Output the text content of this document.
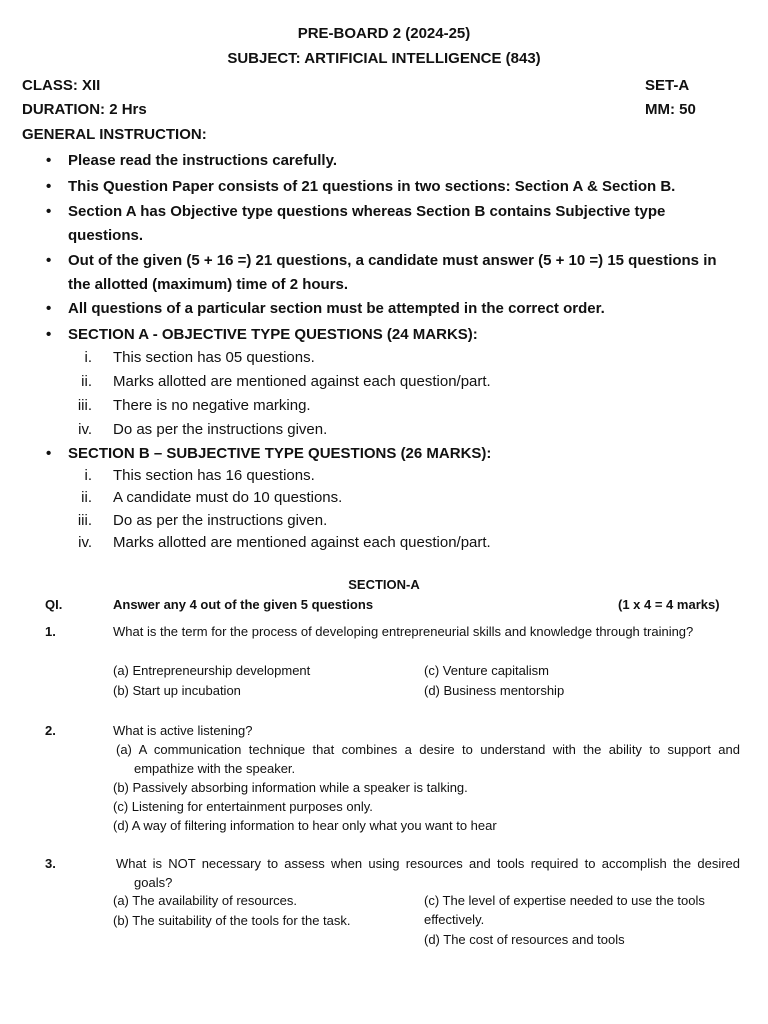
PRE-BOARD 2 (2024-25)
SUBJECT: ARTIFICIAL INTELLIGENCE (843)
CLASS: XII	SET-A
DURATION: 2 Hrs	MM: 50
GENERAL INSTRUCTION:
• Please read the instructions carefully.
• This Question Paper consists of 21 questions in two sections: Section A & Section B.
• Section A has Objective type questions whereas Section B contains Subjective type
questions.
• Out of the given (5 + 16 =) 21 questions, a candidate must answer (5 + 10 =) 15 questions in
the allotted (maximum) time of 2 hours.
• All questions of a particular section must be attempted in the correct order.
• SECTION A - OBJECTIVE TYPE QUESTIONS (24 MARKS):
i. This section has 05 questions.
ii. Marks allotted are mentioned against each question/part.
iii. There is no negative marking.
iv. Do as per the instructions given.
• SECTION B – SUBJECTIVE TYPE QUESTIONS (26 MARKS):
i. This section has 16 questions.
ii. A candidate must do 10 questions.
iii. Do as per the instructions given.
iv. Marks allotted are mentioned against each question/part.
SECTION-A
QI.	Answer any 4 out of the given 5 questions	(1 x 4 = 4 marks)
1.	What is the term for the process of developing entrepreneurial skills and knowledge through training?
(a) Entrepreneurship development	(c) Venture capitalism
(b) Start up incubation	(d) Business mentorship
2.	What is active listening?
(a) A communication technique that combines a desire to understand with the ability to support and empathize with the speaker.
(b) Passively absorbing information while a speaker is talking.
(c) Listening for entertainment purposes only.
(d) A way of filtering information to hear only what you want to hear
3.	What is NOT necessary to assess when using resources and tools required to accomplish the desired goals?
(a) The availability of resources.
(b) The suitability of the tools for the task.
(c) The level of expertise needed to use the tools effectively.
(d) The cost of resources and tools
